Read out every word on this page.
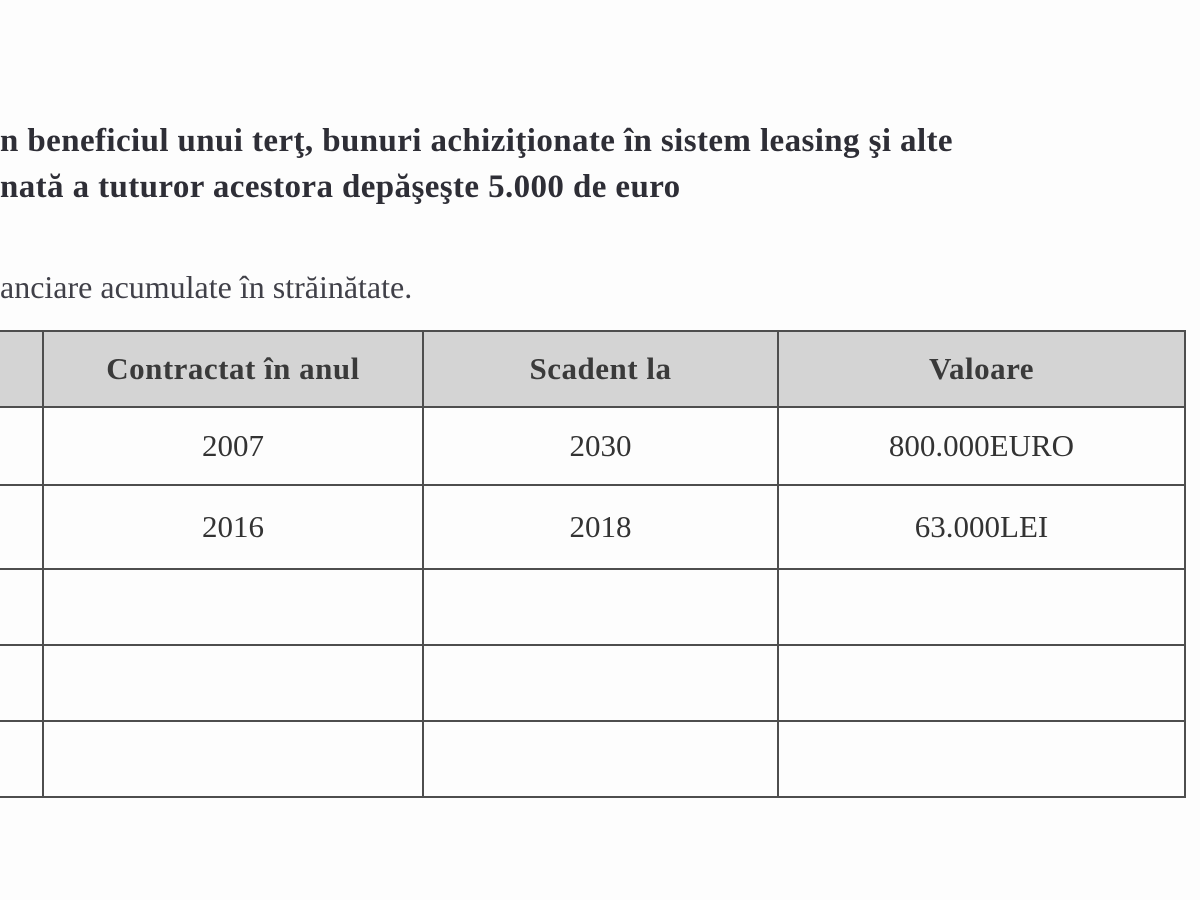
n beneficiul unui terţ, bunuri achiziţionate în sistem leasing şi alte
nată a tuturor acestora depăşeşte 5.000 de euro
anciare acumulate în străinătate.
	Contractat în anul	Scadent la	Valoare
	2007	2030	800.000EURO
	2016	2018	63.000LEI
